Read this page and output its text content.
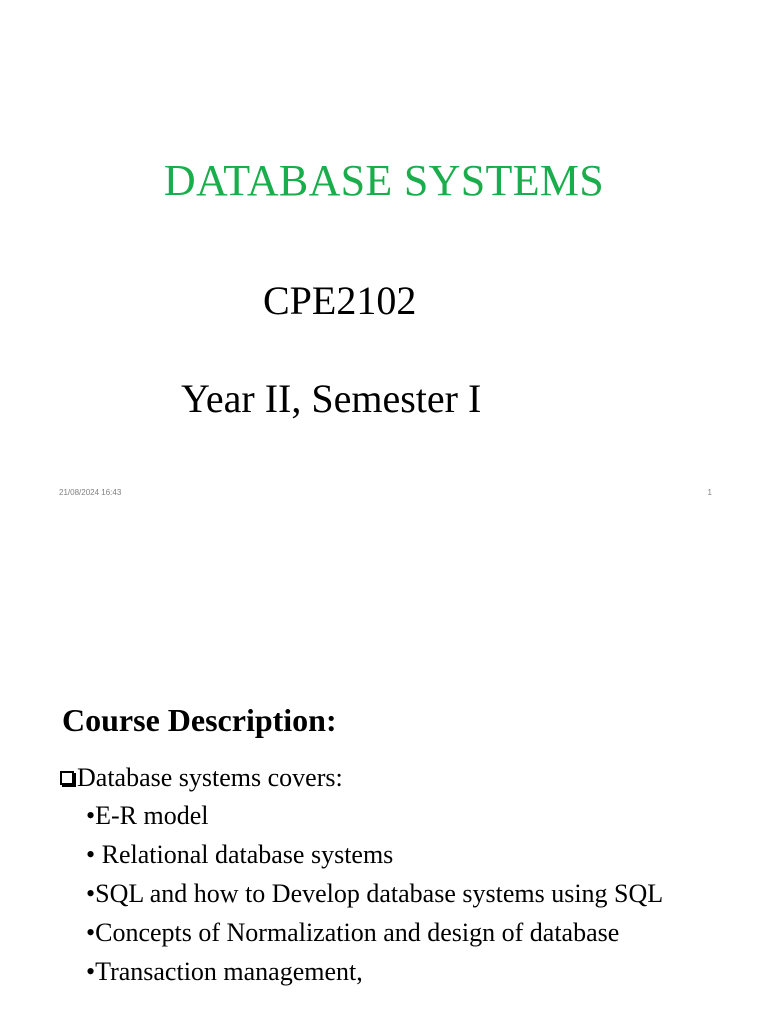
DATABASE SYSTEMS
CPE2102
Year II, Semester I
21/08/2024 16:43	1
Course Description:
Database systems covers:
•E-R model
• Relational database systems
•SQL and how to Develop database systems using SQL
•Concepts of Normalization and design of database
•Transaction management,
